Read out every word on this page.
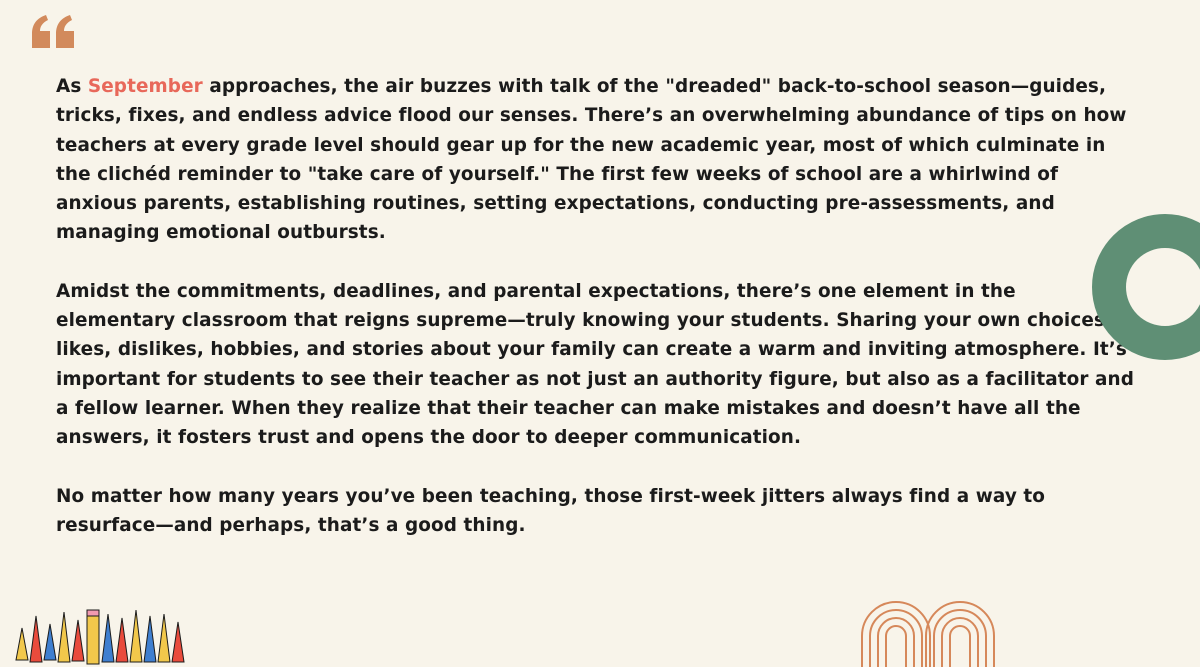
As September approaches, the air buzzes with talk of the "dreaded" back-to-school season—guides, tricks, fixes, and endless advice flood our senses. There’s an overwhelming abundance of tips on how teachers at every grade level should gear up for the new academic year, most of which culminate in the clichéd reminder to "take care of yourself." The first few weeks of school are a whirlwind of anxious parents, establishing routines, setting expectations, conducting pre-assessments, and managing emotional outbursts.

Amidst the commitments, deadlines, and parental expectations, there’s one element in the elementary classroom that reigns supreme—truly knowing your students. Sharing your own choices, likes, dislikes, hobbies, and stories about your family can create a warm and inviting atmosphere. It’s important for students to see their teacher as not just an authority figure, but also as a facilitator and a fellow learner. When they realize that their teacher can make mistakes and doesn’t have all the answers, it fosters trust and opens the door to deeper communication.

No matter how many years you’ve been teaching, those first-week jitters always find a way to resurface—and perhaps, that’s a good thing.
